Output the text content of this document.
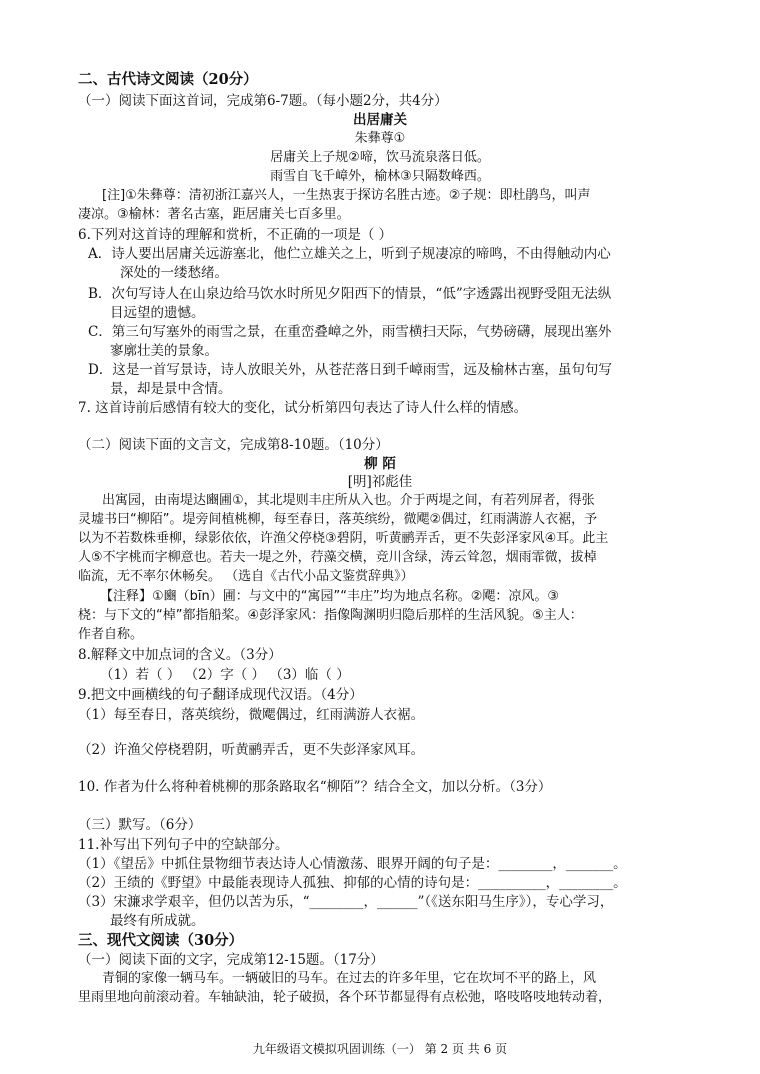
二、古代诗文阅读（20分）
（一）阅读下面这首词，完成第6-7题。（每小题2分，共4分）
出居庸关
朱彝尊①
居庸关上子规②啼，饮马流泉落日低。
雨雪自飞千嶂外，榆林③只隔数峰西。
[注]①朱彝尊：清初浙江嘉兴人，一生热衷于探访名胜古迹。②子规：即杜鹃鸟，叫声
凄凉。③榆林：著名古塞，距居庸关七百多里。
6.下列对这首诗的理解和赏析，不正确的一项是（ ）
A．诗人要出居庸关远游塞北，他伫立雄关之上，听到子规凄凉的啼鸣，不由得触动内心
深处的一缕愁绪。
B．次句写诗人在山泉边给马饮水时所见夕阳西下的情景，“低”字透露出视野受阻无法纵
目远望的遗憾。
C．第三句写塞外的雨雪之景，在重峦叠嶂之外，雨雪横扫天际，气势磅礴，展现出塞外
寥廓壮美的景象。
D．这是一首写景诗，诗人放眼关外，从苍茫落日到千嶂雨雪，远及榆林古塞，虽句句写
景，却是景中含情。
7. 这首诗前后感情有较大的变化，试分析第四句表达了诗人什么样的情感。
（二）阅读下面的文言文，完成第8-10题。（10分）
柳 陌
[明]祁彪佳
出寓园，由南堤达豳圃①，其北堤则丰庄所从入也。介于两堤之间，有若列屏者，得张
灵墟书曰“柳陌”。堤旁间植桃柳，每至春日，落英缤纷，微飔②偶过，红雨满游人衣裾，予
以为不若数株垂柳，绿影依依，许渔父停桡③碧阴，听黄鹂弄舌，更不失彭泽家风④耳。此主
人⑤不字桃而字柳意也。若夫一堤之外，荇藻交横，竞川含绿，涛云耸忽，烟雨霏微，拔棹
临流，无不率尔休畅矣。 （选自《古代小品文鉴赏辞典》）
【注释】①豳（bīn）圃：与文中的“寓园”“丰庄”均为地点名称。②飔：凉风。③
桡：与下文的“棹”都指船桨。④彭泽家风：指像陶渊明归隐后那样的生活风貌。⑤主人：
作者自称。
8.解释文中加点词的含义。（3分）
（1）若（ ） （2）字（ ） （3）临（ ）
9.把文中画横线的句子翻译成现代汉语。（4分）
（1）每至春日，落英缤纷，微飔偶过，红雨满游人衣裾。
（2）许渔父停桡碧阴，听黄鹂弄舌，更不失彭泽家风耳。
10. 作者为什么将种着桃柳的那条路取名“柳陌”？结合全文，加以分析。（3分）
（三）默写。（6分）
11.补写出下列句子中的空缺部分。
（1）《望岳》中抓住景物细节表达诗人心情激荡、眼界开阔的句子是：________，_______。
（2）王绩的《野望》中最能表现诗人孤独、抑郁的心情的诗句是：__________，________。
（3）宋濂求学艰辛，但仍以苦为乐，“________，______”（《送东阳马生序》），专心学习，
最终有所成就。
三、现代文阅读（30分）
（一）阅读下面的文字，完成第12-15题。（17分）
青铜的家像一辆马车。一辆破旧的马车。在过去的许多年里，它在坎坷不平的路上，风
里雨里地向前滚动着。车轴缺油，轮子破损，各个环节都显得有点松弛，咯吱咯吱地转动着，
九年级语文模拟巩固训练（一） 第 2 页 共 6 页
